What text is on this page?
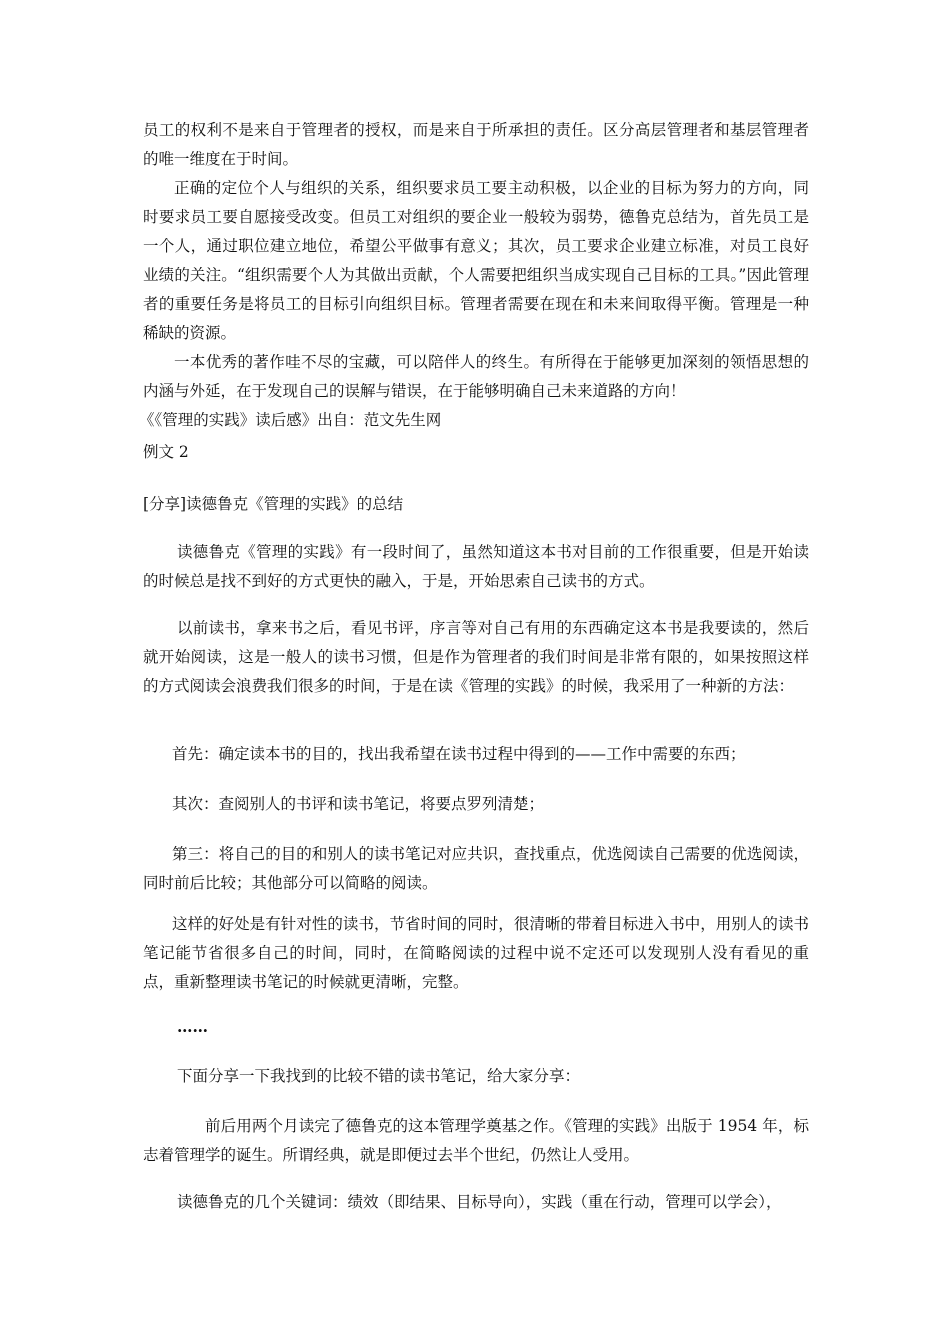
员工的权利不是来自于管理者的授权，而是来自于所承担的责任。区分高层管理者和基层管理者的唯一维度在于时间。

正确的定位个人与组织的关系，组织要求员工要主动积极，以企业的目标为努力的方向，同时要求员工要自愿接受改变。但员工对组织的要企业一般较为弱势，德鲁克总结为，首先员工是一个人，通过职位建立地位，希望公平做事有意义；其次，员工要求企业建立标准，对员工良好业绩的关注。“组织需要个人为其做出贡献，个人需要把组织当成实现自己目标的工具。”因此管理者的重要任务是将员工的目标引向组织目标。管理者需要在现在和未来间取得平衡。管理是一种稀缺的资源。

一本优秀的著作哇不尽的宝藏，可以陪伴人的终生。有所得在于能够更加深刻的领悟思想的内涵与外延，在于发现自己的误解与错误，在于能够明确自己未来道路的方向！

《《管理的实践》读后感》出自：范文先生网

例文 2
[分享]读德鲁克《管理的实践》的总结

读德鲁克《管理的实践》有一段时间了，虽然知道这本书对目前的工作很重要，但是开始读的时候总是找不到好的方式更快的融入，于是，开始思索自己读书的方式。

以前读书，拿来书之后，看见书评，序言等对自己有用的东西确定这本书是我要读的，然后就开始阅读，这是一般人的读书习惯，但是作为管理者的我们时间是非常有限的，如果按照这样的方式阅读会浪费我们很多的时间，于是在读《管理的实践》的时候，我采用了一种新的方法：

首先：确定读本书的目的，找出我希望在读书过程中得到的——工作中需要的东西；

其次：查阅别人的书评和读书笔记，将要点罗列清楚；

第三：将自己的目的和别人的读书笔记对应共识，查找重点，优选阅读自己需要的优选阅读，同时前后比较；其他部分可以简略的阅读。

这样的好处是有针对性的读书，节省时间的同时，很清晰的带着目标进入书中，用别人的读书笔记能节省很多自己的时间，同时，在简略阅读的过程中说不定还可以发现别人没有看见的重点，重新整理读书笔记的时候就更清晰，完整。

……

下面分享一下我找到的比较不错的读书笔记，给大家分享：

前后用两个月读完了德鲁克的这本管理学奠基之作。《管理的实践》出版于 1954 年，标志着管理学的诞生。所谓经典，就是即便过去半个世纪，仍然让人受用。

读德鲁克的几个关键词：绩效（即结果、目标导向），实践（重在行动，管理可以学会），
